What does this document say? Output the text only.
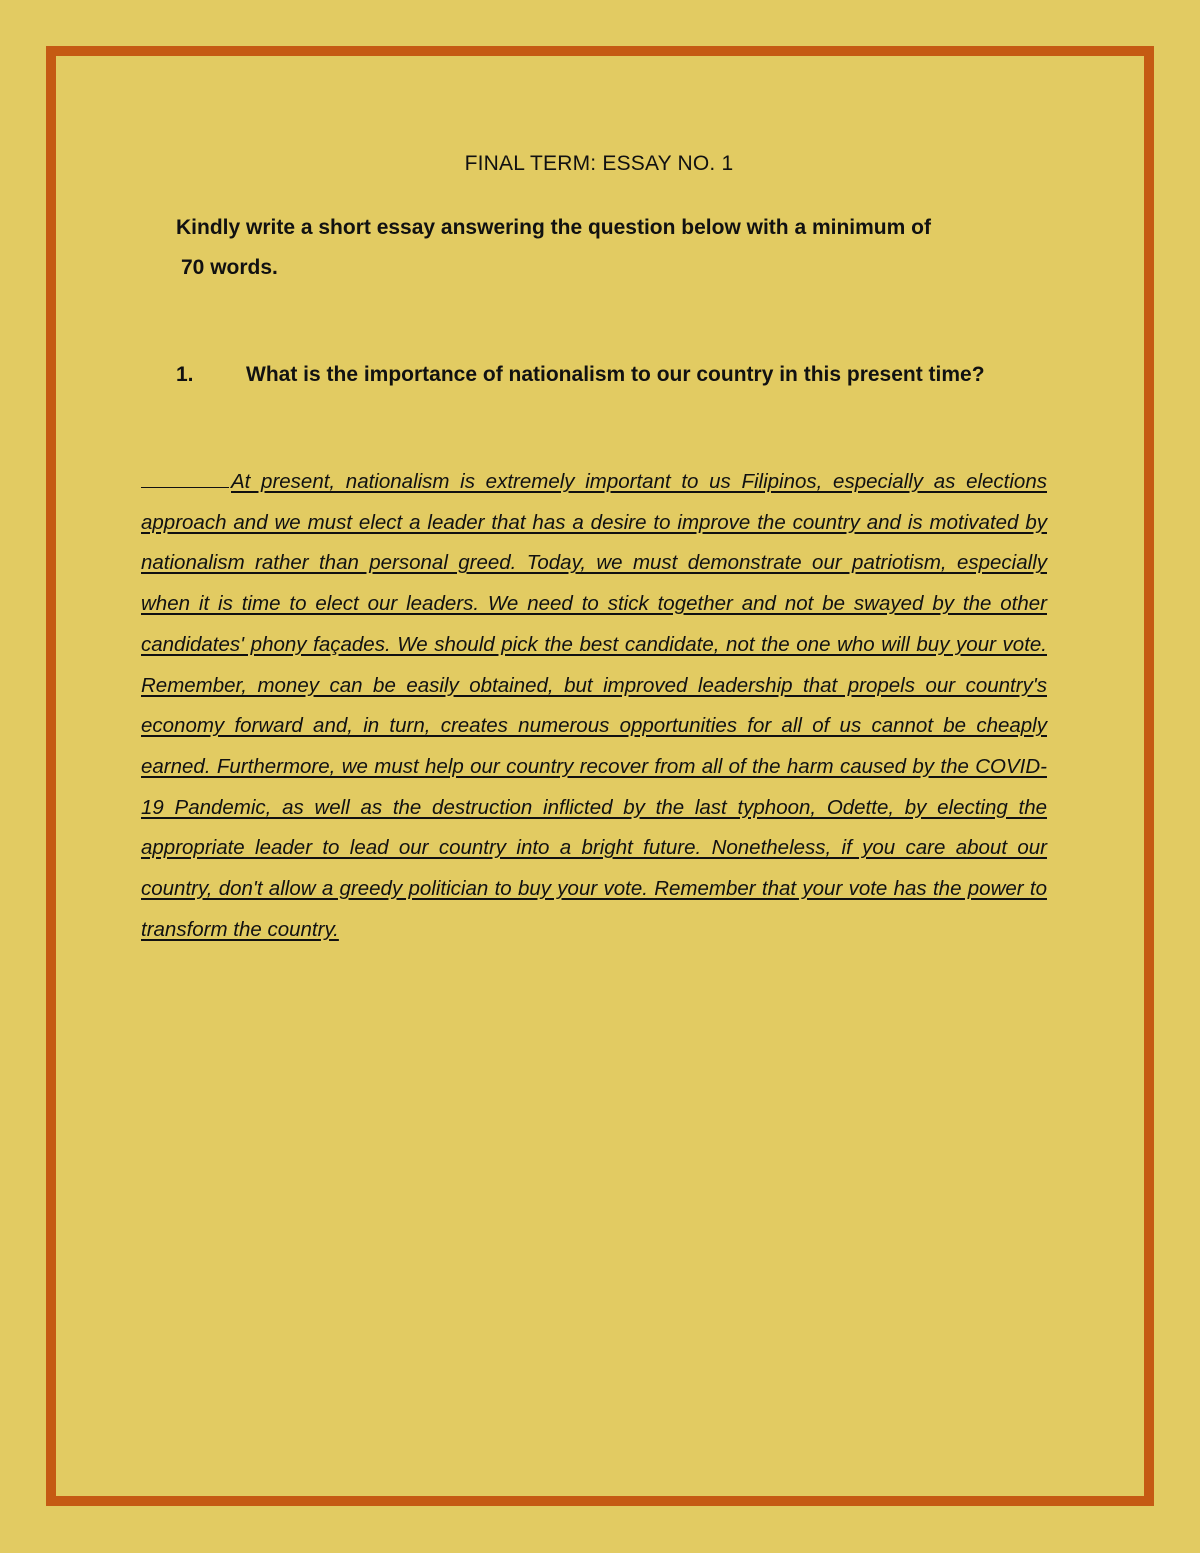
FINAL TERM: ESSAY NO. 1
Kindly write a short essay answering the question below with a minimum of
70 words.
1. What is the importance of nationalism to our country in this present time?
At present, nationalism is extremely important to us Filipinos, especially as elections approach and we must elect a leader that has a desire to improve the country and is motivated by nationalism rather than personal greed. Today, we must demonstrate our patriotism, especially when it is time to elect our leaders. We need to stick together and not be swayed by the other candidates' phony façades. We should pick the best candidate, not the one who will buy your vote. Remember, money can be easily obtained, but improved leadership that propels our country's economy forward and, in turn, creates numerous opportunities for all of us cannot be cheaply earned. Furthermore, we must help our country recover from all of the harm caused by the COVID-19 Pandemic, as well as the destruction inflicted by the last typhoon, Odette, by electing the appropriate leader to lead our country into a bright future. Nonetheless, if you care about our country, don't allow a greedy politician to buy your vote. Remember that your vote has the power to transform the country.
